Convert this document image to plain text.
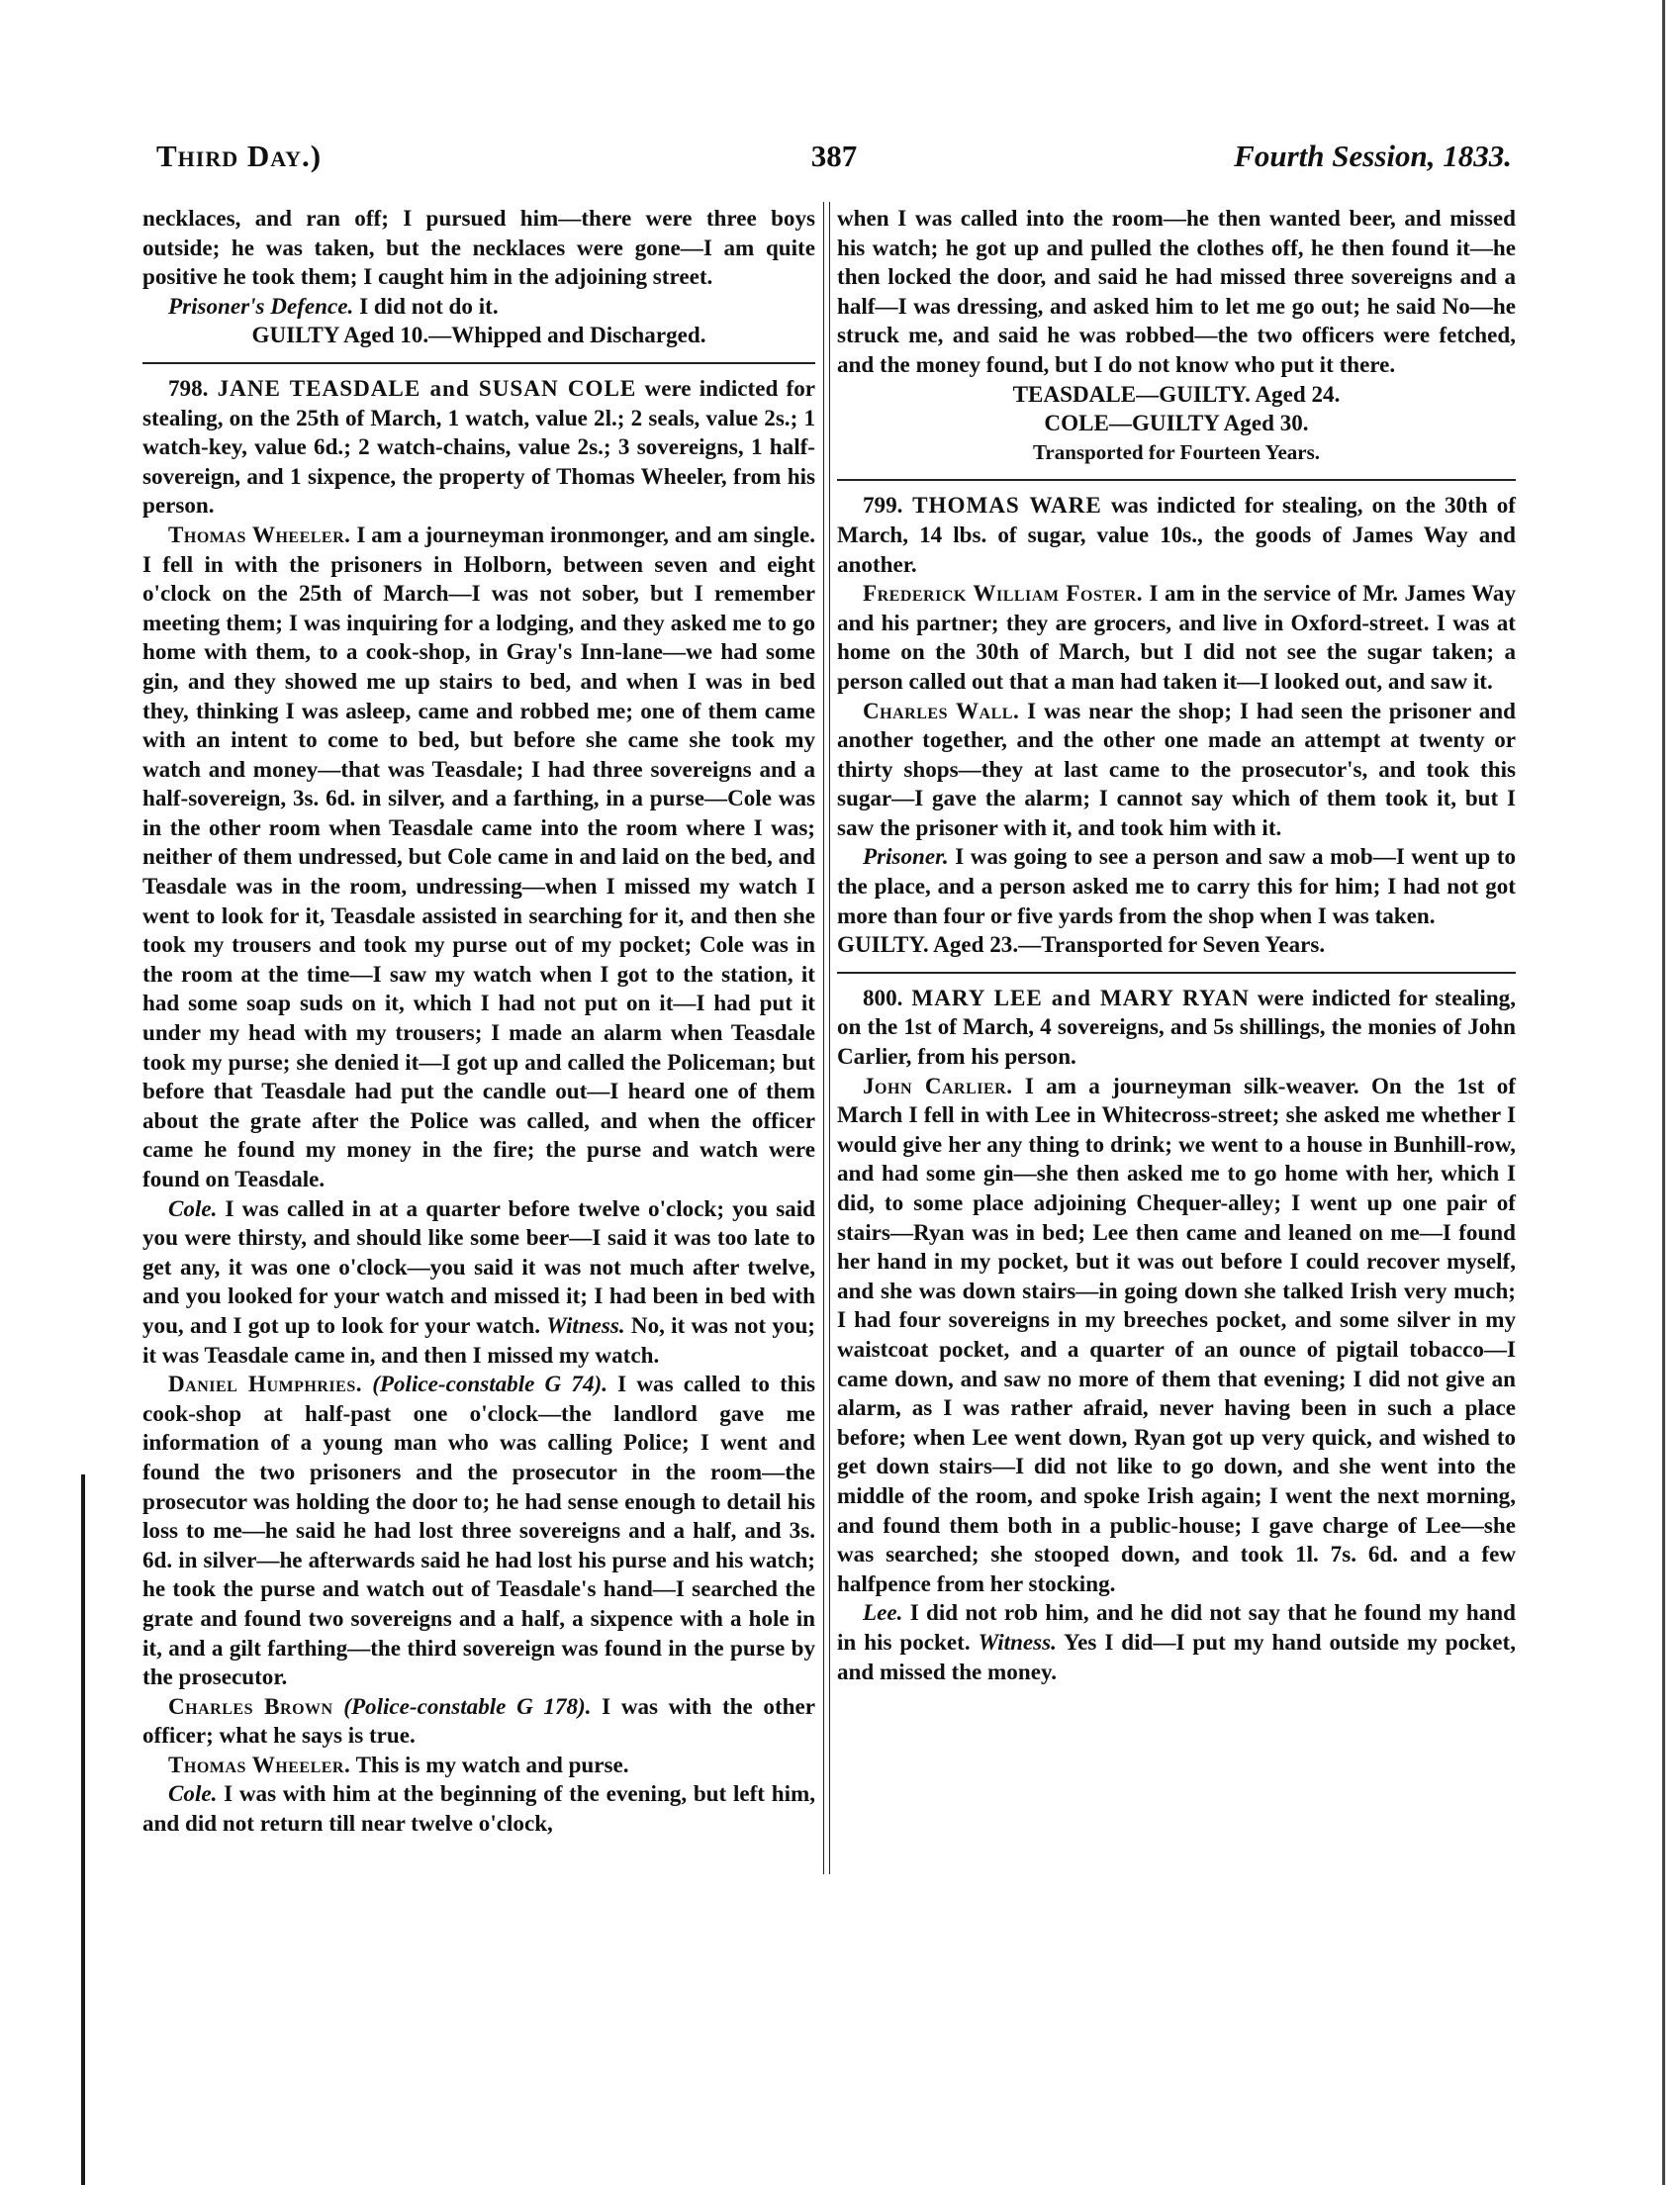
Third Day.)	387	Fourth Session, 1833.

necklaces, and ran off; I pursued him—there were three boys outside; he was taken, but the necklaces were gone—I am quite positive he took them; I caught him in the adjoining street.

Prisoner's Defence. I did not do it.

GUILTY Aged 10.—Whipped and Discharged.

798. JANE TEASDALE and SUSAN COLE were indicted for stealing, on the 25th of March, 1 watch, value 2l.; 2 seals, value 2s.; 1 watch-key, value 6d.; 2 watch-chains, value 2s.; 3 sovereigns, 1 half-sovereign, and 1 sixpence, the property of Thomas Wheeler, from his person.

Thomas Wheeler. I am a journeyman ironmonger, and am single. I fell in with the prisoners in Holborn, between seven and eight o'clock on the 25th of March—I was not sober, but I remember meeting them; I was inquiring for a lodging, and they asked me to go home with them, to a cook-shop, in Gray's Inn-lane—we had some gin, and they showed me up stairs to bed, and when I was in bed they, thinking I was asleep, came and robbed me; one of them came with an intent to come to bed, but before she came she took my watch and money—that was Teasdale; I had three sovereigns and a half-sovereign, 3s. 6d. in silver, and a farthing, in a purse—Cole was in the other room when Teasdale came into the room where I was; neither of them undressed, but Cole came in and laid on the bed, and Teasdale was in the room, undressing—when I missed my watch I went to look for it, Teasdale assisted in searching for it, and then she took my trousers and took my purse out of my pocket; Cole was in the room at the time—I saw my watch when I got to the station, it had some soap suds on it, which I had not put on it—I had put it under my head with my trousers; I made an alarm when Teasdale took my purse; she denied it—I got up and called the Policeman; but before that Teasdale had put the candle out—I heard one of them about the grate after the Police was called, and when the officer came he found my money in the fire; the purse and watch were found on Teasdale.

Cole. I was called in at a quarter before twelve o'clock; you said you were thirsty, and should like some beer—I said it was too late to get any, it was one o'clock—you said it was not much after twelve, and you looked for your watch and missed it; I had been in bed with you, and I got up to look for your watch. Witness. No, it was not you; it was Teasdale came in, and then I missed my watch.

Daniel Humphries. (Police-constable G 74). I was called to this cook-shop at half-past one o'clock—the landlord gave me information of a young man who was calling Police; I went and found the two prisoners and the prosecutor in the room—the prosecutor was holding the door to; he had sense enough to detail his loss to me—he said he had lost three sovereigns and a half, and 3s. 6d. in silver—he afterwards said he had lost his purse and his watch; he took the purse and watch out of Teasdale's hand—I searched the grate and found two sovereigns and a half, a sixpence with a hole in it, and a gilt farthing—the third sovereign was found in the purse by the prosecutor.

Charles Brown (Police-constable G 178). I was with the other officer; what he says is true.

Thomas Wheeler. This is my watch and purse.

Cole. I was with him at the beginning of the evening, but left him, and did not return till near twelve o'clock,

when I was called into the room—he then wanted beer, and missed his watch; he got up and pulled the clothes off, he then found it—he then locked the door, and said he had missed three sovereigns and a half—I was dressing, and asked him to let me go out; he said No—he struck me, and said he was robbed—the two officers were fetched, and the money found, but I do not know who put it there.

TEASDALE—GUILTY. Aged 24.

COLE—GUILTY Aged 30.

Transported for Fourteen Years.

799. THOMAS WARE was indicted for stealing, on the 30th of March, 14 lbs. of sugar, value 10s., the goods of James Way and another.

Frederick William Foster. I am in the service of Mr. James Way and his partner; they are grocers, and live in Oxford-street. I was at home on the 30th of March, but I did not see the sugar taken; a person called out that a man had taken it—I looked out, and saw it.

Charles Wall. I was near the shop; I had seen the prisoner and another together, and the other one made an attempt at twenty or thirty shops—they at last came to the prosecutor's, and took this sugar—I gave the alarm; I cannot say which of them took it, but I saw the prisoner with it, and took him with it.

Prisoner. I was going to see a person and saw a mob—I went up to the place, and a person asked me to carry this for him; I had not got more than four or five yards from the shop when I was taken.

GUILTY. Aged 23.—Transported for Seven Years.

800. MARY LEE and MARY RYAN were indicted for stealing, on the 1st of March, 4 sovereigns, and 5s shillings, the monies of John Carlier, from his person.

John Carlier. I am a journeyman silk-weaver. On the 1st of March I fell in with Lee in Whitecross-street; she asked me whether I would give her any thing to drink; we went to a house in Bunhill-row, and had some gin—she then asked me to go home with her, which I did, to some place adjoining Chequer-alley; I went up one pair of stairs—Ryan was in bed; Lee then came and leaned on me—I found her hand in my pocket, but it was out before I could recover myself, and she was down stairs—in going down she talked Irish very much; I had four sovereigns in my breeches pocket, and some silver in my waistcoat pocket, and a quarter of an ounce of pigtail tobacco—I came down, and saw no more of them that evening; I did not give an alarm, as I was rather afraid, never having been in such a place before; when Lee went down, Ryan got up very quick, and wished to get down stairs—I did not like to go down, and she went into the middle of the room, and spoke Irish again; I went the next morning, and found them both in a public-house; I gave charge of Lee—she was searched; she stooped down, and took 1l. 7s. 6d. and a few halfpence from her stocking.

Lee. I did not rob him, and he did not say that he found my hand in his pocket. Witness. Yes I did—I put my hand outside my pocket, and missed the money.
